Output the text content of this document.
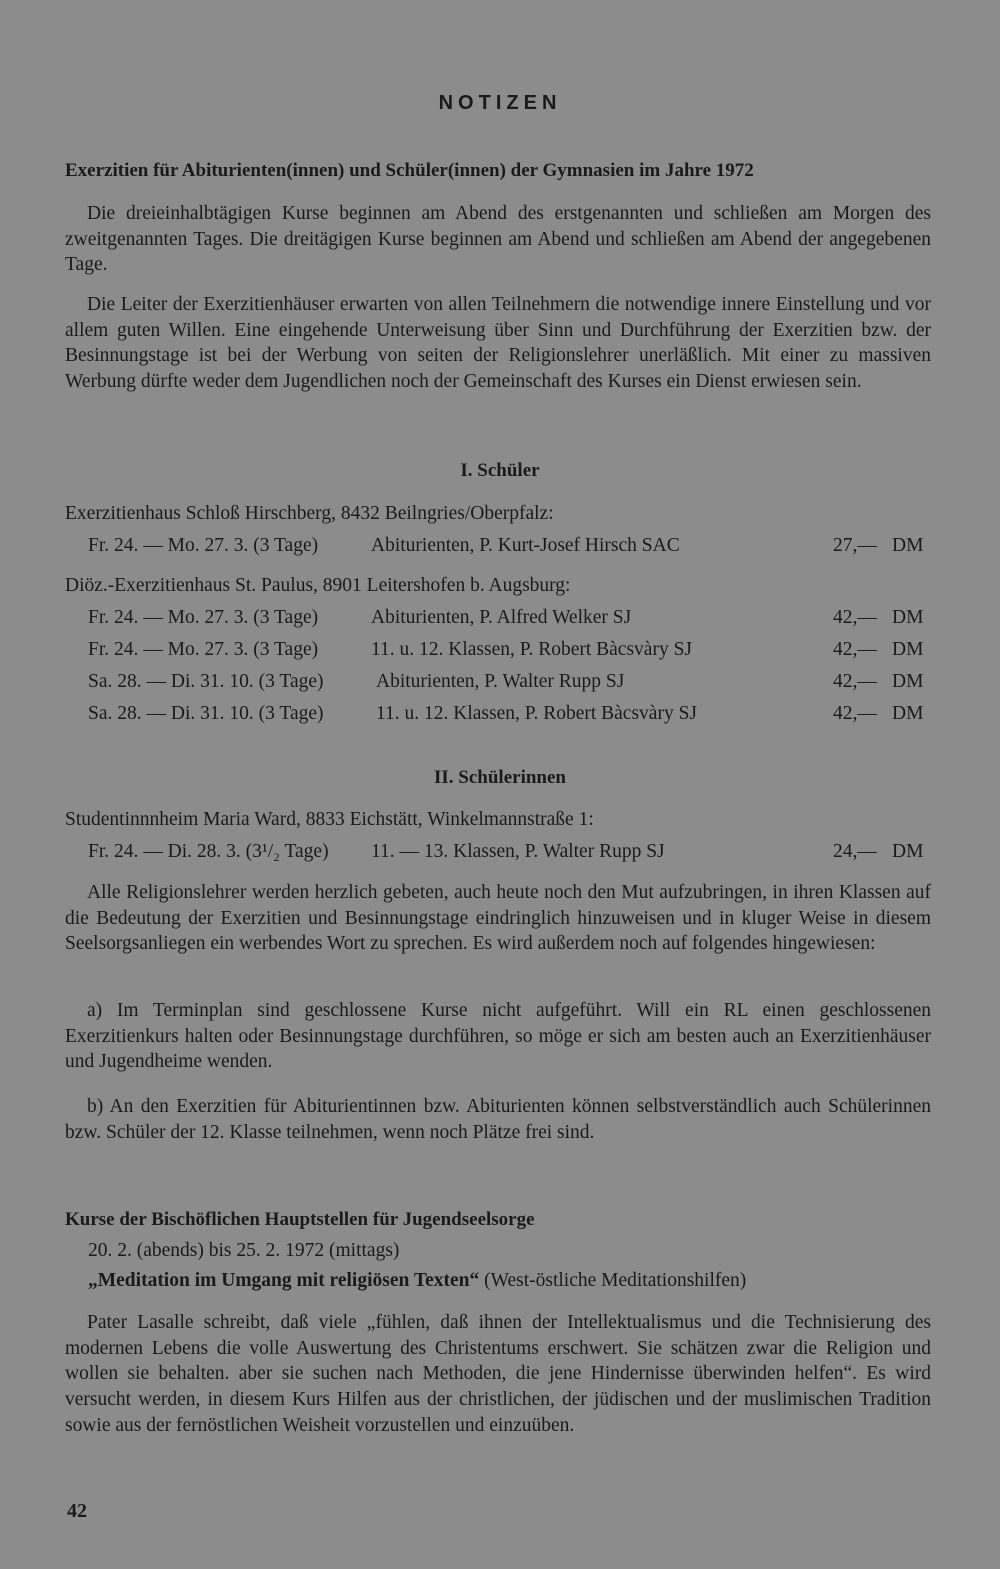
NOTIZEN
Exerzitien für Abiturienten(innen) und Schüler(innen) der Gymnasien im Jahre 1972

Die dreieinhalbtägigen Kurse beginnen am Abend des erstgenannten und schließen am Morgen des zweitgenannten Tages. Die dreitägigen Kurse beginnen am Abend und schließen am Abend der angegebenen Tage.

Die Leiter der Exerzitienhäuser erwarten von allen Teilnehmern die notwendige innere Einstellung und vor allem guten Willen. Eine eingehende Unterweisung über Sinn und Durchführung der Exerzitien bzw. der Besinnungstage ist bei der Werbung von seiten der Religionslehrer unerläßlich. Mit einer zu massiven Werbung dürfte weder dem Jugendlichen noch der Gemeinschaft des Kurses ein Dienst erwiesen sein.

I. Schüler
Exerzitienhaus Schloß Hirschberg, 8432 Beilngries/Oberpfalz:
Fr. 24. — Mo. 27. 3. (3 Tage)	Abiturienten, P. Kurt-Josef Hirsch SAC	27,— DM
Diöz.-Exerzitienhaus St. Paulus, 8901 Leitershofen b. Augsburg:
Fr. 24. — Mo. 27. 3. (3 Tage)	Abiturienten, P. Alfred Welker SJ	42,— DM
Fr. 24. — Mo. 27. 3. (3 Tage)	11. u. 12. Klassen, P. Robert Bàcsvàry SJ	42,— DM
Sa. 28. — Di. 31. 10. (3 Tage)	Abiturienten, P. Walter Rupp SJ	42,— DM
Sa. 28. — Di. 31. 10. (3 Tage)	11. u. 12. Klassen, P. Robert Bàcsvàry SJ	42,— DM
II. Schülerinnen
Studentinnnheim Maria Ward, 8833 Eichstätt, Winkelmannstraße 1:
Fr. 24. — Di. 28. 3. (3¹/₂ Tage) 11. — 13. Klassen, P. Walter Rupp SJ	24,— DM

Alle Religionslehrer werden herzlich gebeten, auch heute noch den Mut aufzubringen, in ihren Klassen auf die Bedeutung der Exerzitien und Besinnungstage eindringlich hinzuweisen und in kluger Weise in diesem Seelsorgsanliegen ein werbendes Wort zu sprechen. Es wird außerdem noch auf folgendes hingewiesen:

a) Im Terminplan sind geschlossene Kurse nicht aufgeführt. Will ein RL einen geschlossenen Exerzitienkurs halten oder Besinnungstage durchführen, so möge er sich am besten auch an Exerzitienhäuser und Jugendheime wenden.

b) An den Exerzitien für Abiturientinnen bzw. Abiturienten können selbstverständlich auch Schülerinnen bzw. Schüler der 12. Klasse teilnehmen, wenn noch Plätze frei sind.

Kurse der Bischöflichen Hauptstellen für Jugendseelsorge
20. 2. (abends) bis 25. 2. 1972 (mittags)
„Meditation im Umgang mit religiösen Texten“ (West-östliche Meditationshilfen)

Pater Lasalle schreibt, daß viele „fühlen, daß ihnen der Intellektualismus und die Technisierung des modernen Lebens die volle Auswertung des Christentums erschwert. Sie schätzen zwar die Religion und wollen sie behalten. aber sie suchen nach Methoden, die jene Hindernisse überwinden helfen“. Es wird versucht werden, in diesem Kurs Hilfen aus der christlichen, der jüdischen und der muslimischen Tradition sowie aus der fernöstlichen Weisheit vorzustellen und einzuüben.

42
